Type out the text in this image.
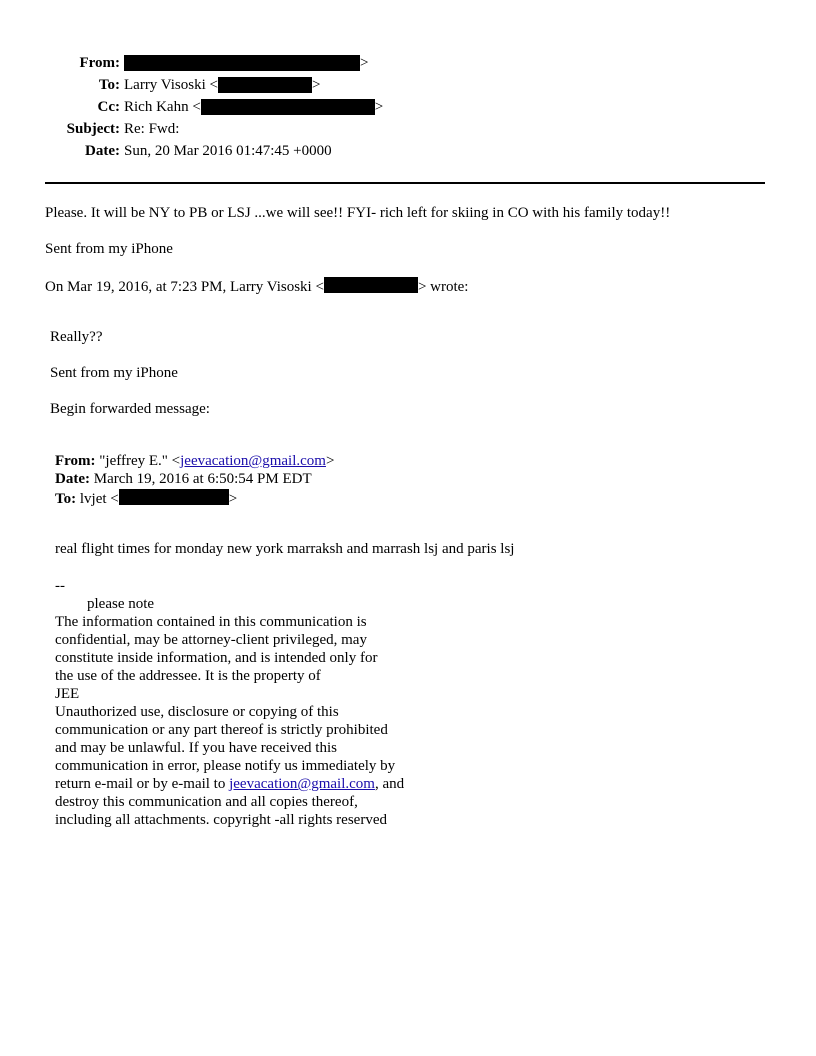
From:	>
To: Larry Visoski <	>
Cc: Rich Kahn <	>
Subject: Re: Fwd:
Date: Sun, 20 Mar 2016 01:47:45 +0000
Please. It will be NY to PB or LSJ ...we will see!! FYI- rich left for skiing in CO with his family today!!
Sent from my iPhone
On Mar 19, 2016, at 7:23 PM, Larry Visoski <	> wrote:
Really??
Sent from my iPhone
Begin forwarded message:
From: "jeffrey E." <jeevacation@gmail.com>
Date: March 19, 2016 at 6:50:54 PM EDT
To: lvjet <	>
real flight times for monday new york marraksh and marrash lsj and paris lsj
--
please note
The information contained in this communication is
confidential, may be attorney-client privileged, may
constitute inside information, and is intended only for
the use of the addressee. It is the property of
JEE
Unauthorized use, disclosure or copying of this
communication or any part thereof is strictly prohibited
and may be unlawful. If you have received this
communication in error, please notify us immediately by
return e-mail or by e-mail to jeevacation@gmail.com, and
destroy this communication and all copies thereof,
including all attachments. copyright -all rights reserved
